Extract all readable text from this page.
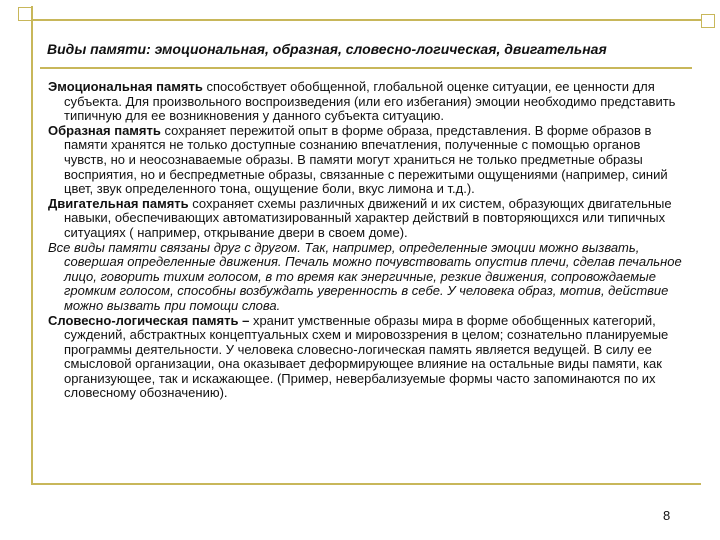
Виды памяти: эмоциональная, образная, словесно-логическая, двигательная

Эмоциональная память способствует обобщенной, глобальной оценке ситуации, ее ценности для субъекта. Для произвольного воспроизведения (или его избегания) эмоции необходимо представить типичную для ее возникновения у данного субъекта ситуацию.

Образная память сохраняет пережитой опыт в форме образа, представления. В форме образов в памяти хранятся не только доступные сознанию впечатления, полученные с помощью органов чувств, но и неосознаваемые образы. В памяти могут храниться не только предметные образы восприятия, но и беспредметные образы, связанные с пережитыми ощущениями (например, синий цвет, звук определенного тона, ощущение боли, вкус лимона и т.д.).

Двигательная память сохраняет схемы различных движений и их систем, образующих двигательные навыки, обеспечивающих автоматизированный характер действий в повторяющихся или типичных ситуациях ( например, открывание двери в своем доме).

Все виды памяти связаны друг с другом. Так, например, определенные эмоции можно вызвать, совершая определенные движения. Печаль можно почувствовать опустив плечи, сделав печальное лицо, говорить тихим голосом, в то время как энергичные, резкие движения, сопровождаемые громким голосом, способны возбуждать уверенность в себе. У человека образ, мотив, действие можно вызвать при помощи слова.

Словесно-логическая память – хранит умственные образы мира в форме обобщенных категорий, суждений, абстрактных концептуальных схем и мировоззрения в целом; сознательно планируемые программы деятельности. У человека словесно-логическая память является ведущей. В силу ее смысловой организации, она оказывает деформирующее влияние на остальные виды памяти, как организующее, так и искажающее. (Пример, невербализуемые формы часто запоминаются по их словесному обозначению).

8
